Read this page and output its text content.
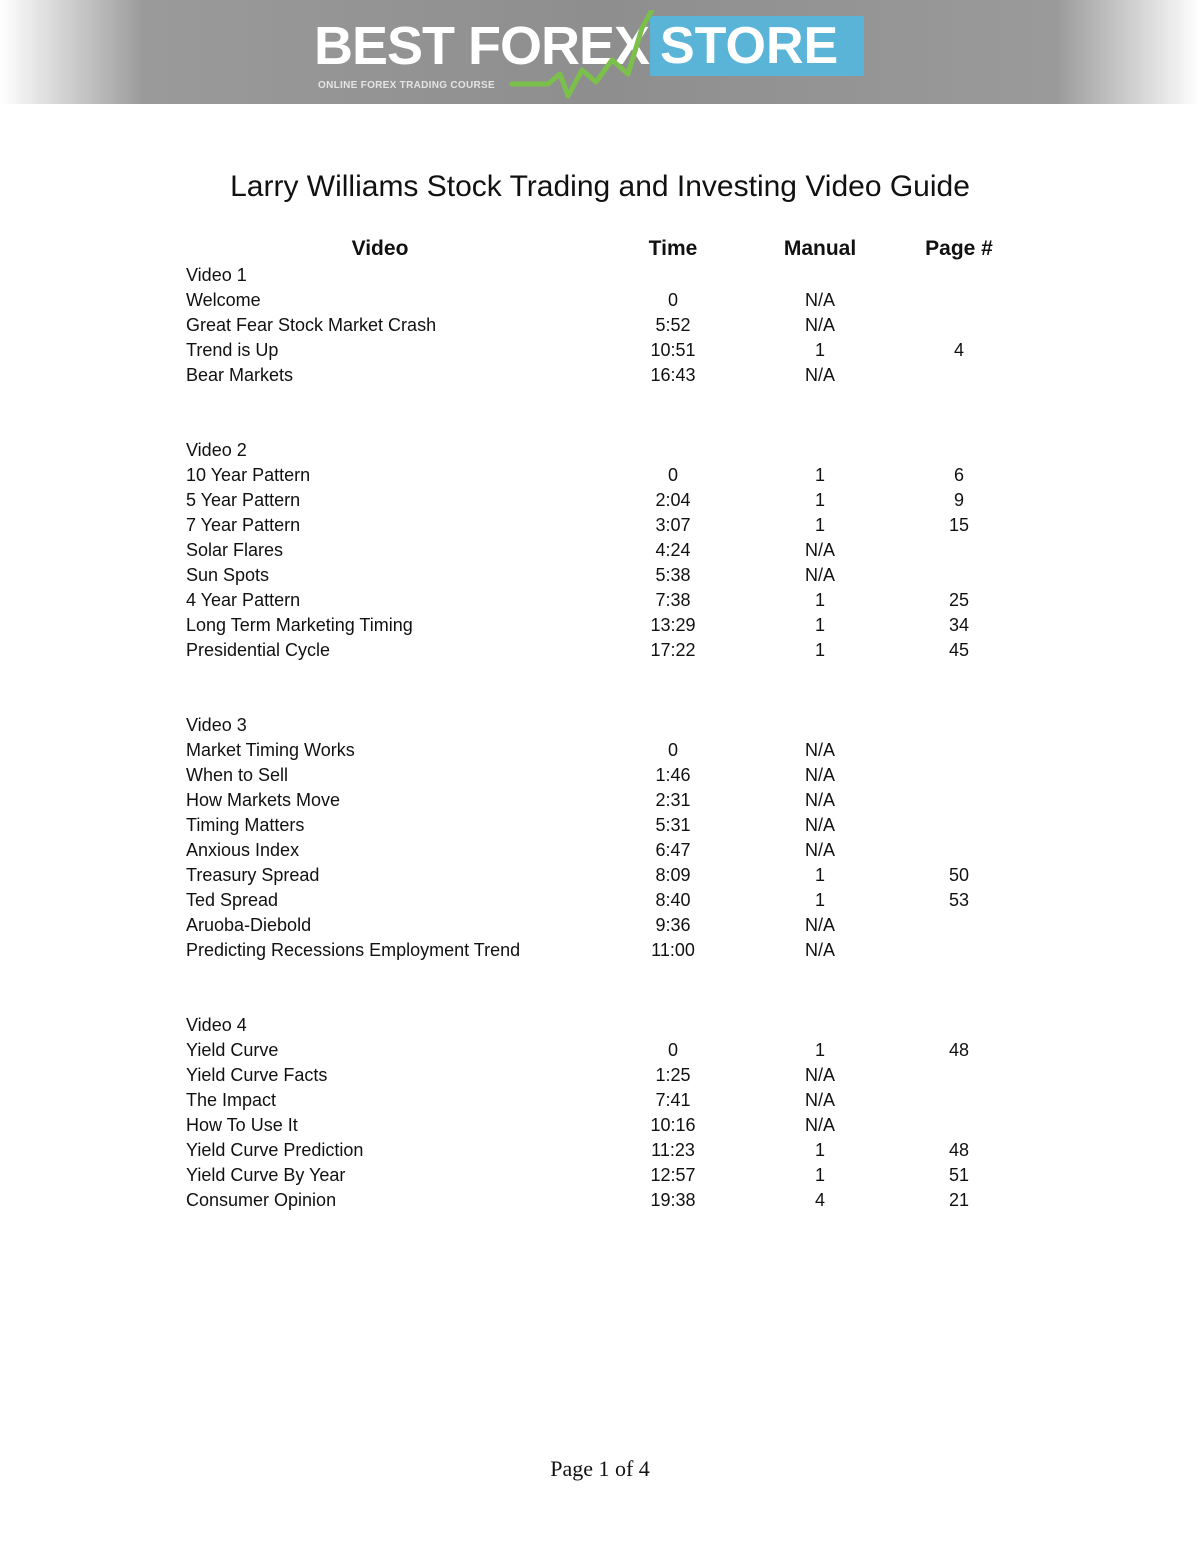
BEST FOREX STORE
ONLINE FOREX TRADING COURSE
Larry Williams Stock Trading and Investing Video Guide
Video	Time	Manual	Page #
Video 1
Welcome	0	N/A
Great Fear Stock Market Crash	5:52	N/A
Trend is Up	10:51	1	4
Bear Markets	16:43	N/A
Video 2
10 Year Pattern	0	1	6
5 Year Pattern	2:04	1	9
7 Year Pattern	3:07	1	15
Solar Flares	4:24	N/A
Sun Spots	5:38	N/A
4 Year Pattern	7:38	1	25
Long Term Marketing Timing	13:29	1	34
Presidential Cycle	17:22	1	45
Video 3
Market Timing Works	0	N/A
When to Sell	1:46	N/A
How Markets Move	2:31	N/A
Timing Matters	5:31	N/A
Anxious Index	6:47	N/A
Treasury Spread	8:09	1	50
Ted Spread	8:40	1	53
Aruoba-Diebold	9:36	N/A
Predicting Recessions Employment Trend	11:00	N/A
Video 4
Yield Curve	0	1	48
Yield Curve Facts	1:25	N/A
The Impact	7:41	N/A
How To Use It	10:16	N/A
Yield Curve Prediction	11:23	1	48
Yield Curve By Year	12:57	1	51
Consumer Opinion	19:38	4	21
Page 1 of 4
